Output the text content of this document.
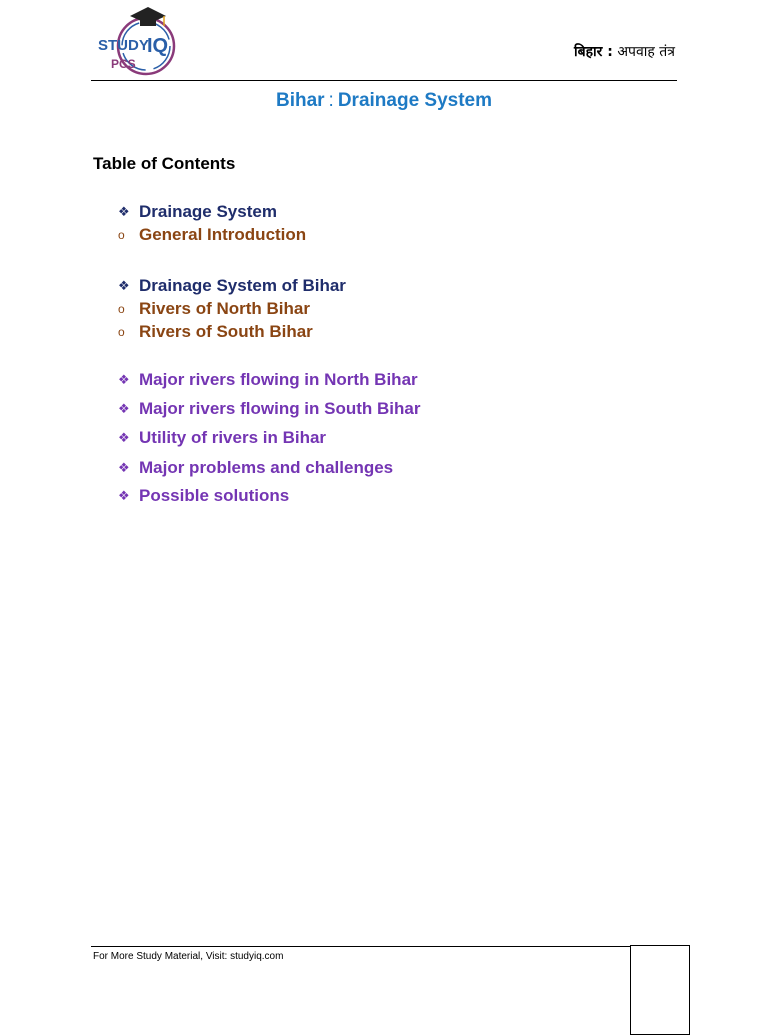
STUDY
IQ
PCS
बिहार : अपवाह तंत्र
Bihar : Drainage System
Table of Contents
❖ Drainage System
o General Introduction
❖ Drainage System of Bihar
o Rivers of North Bihar
o Rivers of South Bihar
❖ Major rivers flowing in North Bihar
❖ Major rivers flowing in South Bihar
❖ Utility of rivers in Bihar
❖ Major problems and challenges
❖ Possible solutions
For More Study Material, Visit: studyiq.com
